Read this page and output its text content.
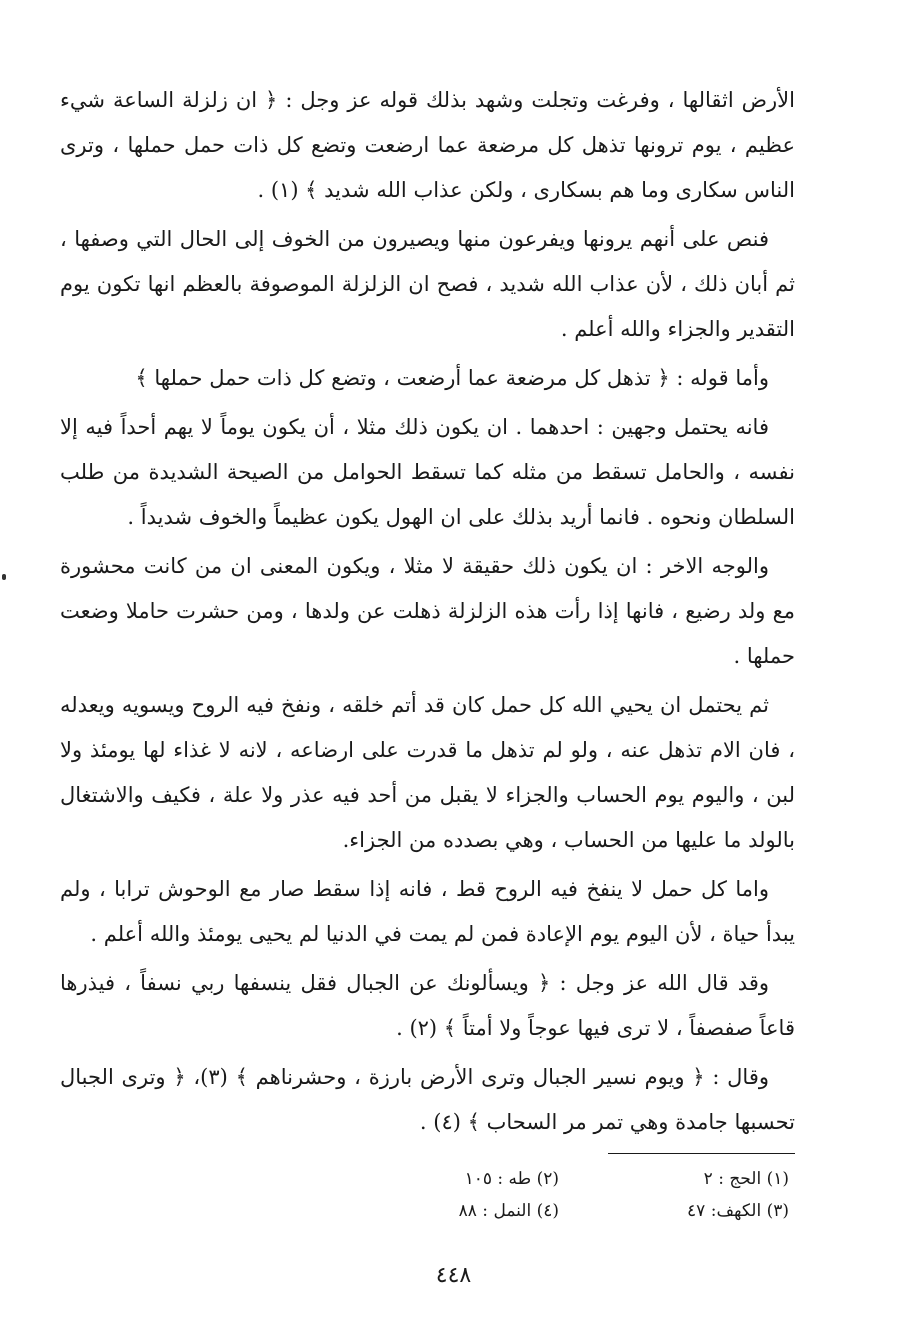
الأرض اثقالها ، وفرغت وتجلت وشهد بذلك قوله عز وجل : ﴿ ان زلزلة الساعة شيء عظيم ، يوم ترونها تذهل كل مرضعة عما ارضعت وتضع كل ذات حمل حملها ، وترى الناس سكارى وما هم بسكارى ، ولكن عذاب الله شديد ﴾ (١) .

فنص على أنهم يرونها ويفرعون منها ويصيرون من الخوف إلى الحال التي وصفها ، ثم أبان ذلك ، لأن عذاب الله شديد ، فصح ان الزلزلة الموصوفة بالعظم انها تكون يوم التقدير والجزاء والله أعلم .

وأما قوله : ﴿ تذهل كل مرضعة عما أرضعت ، وتضع كل ذات حمل حملها ﴾

فانه يحتمل وجهين : احدهما . ان يكون ذلك مثلا ، أن يكون يوماً لا يهم أحداً فيه إلا نفسه ، والحامل تسقط من مثله كما تسقط الحوامل من الصيحة الشديدة من طلب السلطان ونحوه . فانما أريد بذلك على ان الهول يكون عظيماً والخوف شديداً .

والوجه الاخر : ان يكون ذلك حقيقة لا مثلا ، ويكون المعنى ان من كانت محشورة مع ولد رضيع ، فانها إذا رأت هذه الزلزلة ذهلت عن ولدها ، ومن حشرت حاملا وضعت حملها .

ثم يحتمل ان يحيي الله كل حمل كان قد أتم خلقه ، ونفخ فيه الروح ويسويه ويعدله ، فان الام تذهل عنه ، ولو لم تذهل ما قدرت على ارضاعه ، لانه لا غذاء لها يومئذ ولا لبن ، واليوم يوم الحساب والجزاء لا يقبل من أحد فيه عذر ولا علة ، فكيف والاشتغال بالولد ما عليها من الحساب ، وهي بصدده من الجزاء.

واما كل حمل لا ينفخ فيه الروح قط ، فانه إذا سقط صار مع الوحوش ترابا ، ولم يبدأ حياة ، لأن اليوم يوم الإعادة فمن لم يمت في الدنيا لم يحيى يومئذ والله أعلم .

وقد قال الله عز وجل : ﴿ ويسألونك عن الجبال فقل ينسفها ربي نسفاً ، فيذرها قاعاً صفصفاً ، لا ترى فيها عوجاً ولا أمتاً ﴾ (٢) .

وقال : ﴿ ويوم نسير الجبال وترى الأرض بارزة ، وحشرناهم ﴾ (٣)، ﴿ وترى الجبال تحسبها جامدة وهي تمر مر السحاب ﴾ (٤) .

(١) الحج : ٢
(٢) طه : ١٠٥
(٣) الكهف: ٤٧
(٤) النمل : ٨٨
٤٤٨
